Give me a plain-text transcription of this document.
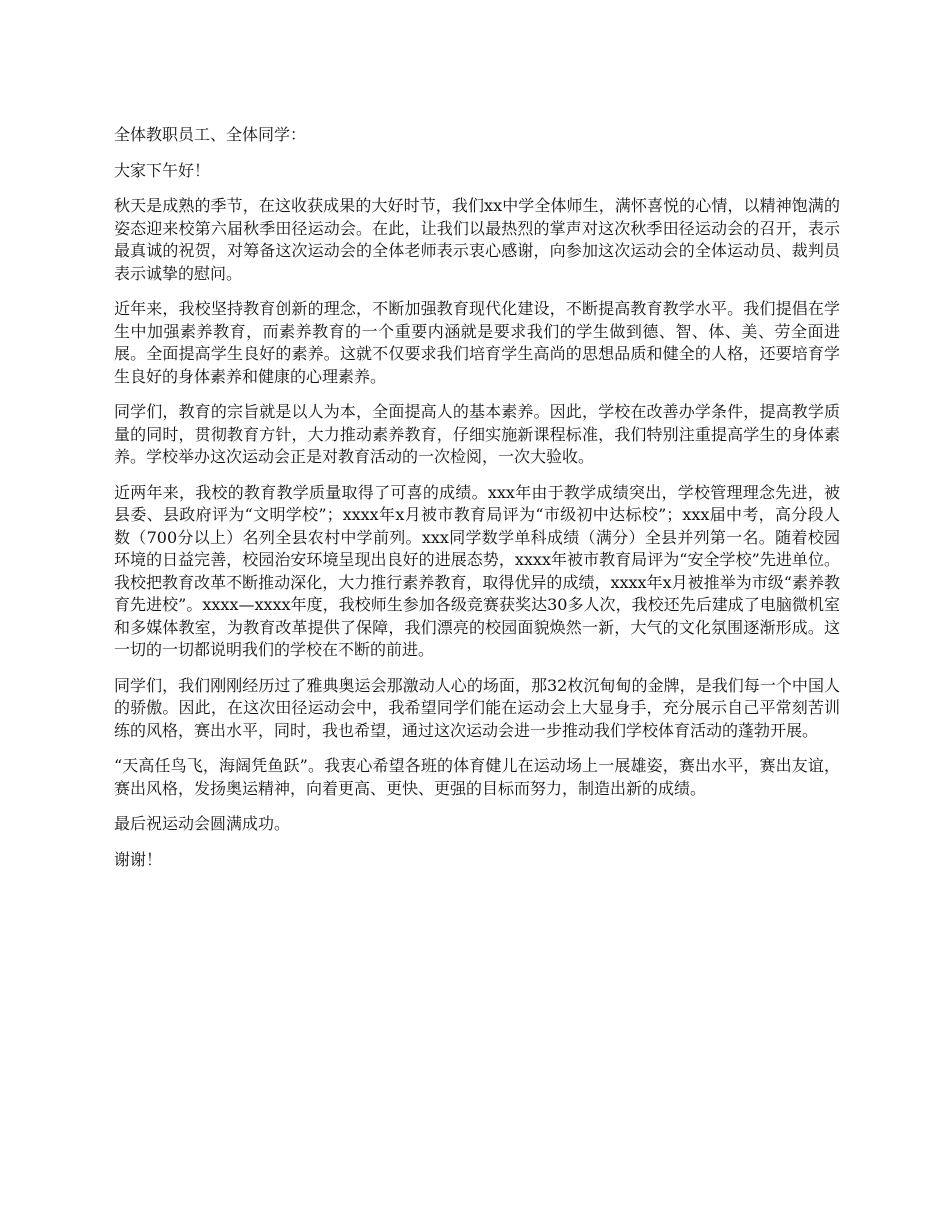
全体教职员工、全体同学：

大家下午好！

秋天是成熟的季节，在这收获成果的大好时节，我们xx中学全体师生，满怀喜悦的心情，以精神饱满的姿态迎来校第六届秋季田径运动会。在此，让我们以最热烈的掌声对这次秋季田径运动会的召开，表示最真诚的祝贺，对筹备这次运动会的全体老师表示衷心感谢，向参加这次运动会的全体运动员、裁判员表示诚挚的慰问。

近年来，我校坚持教育创新的理念，不断加强教育现代化建设，不断提高教育教学水平。我们提倡在学生中加强素养教育，而素养教育的一个重要内涵就是要求我们的学生做到德、智、体、美、劳全面进展。全面提高学生良好的素养。这就不仅要求我们培育学生高尚的思想品质和健全的人格，还要培育学生良好的身体素养和健康的心理素养。

同学们，教育的宗旨就是以人为本，全面提高人的基本素养。因此，学校在改善办学条件，提高教学质量的同时，贯彻教育方针，大力推动素养教育，仔细实施新课程标准，我们特别注重提高学生的身体素养。学校举办这次运动会正是对教育活动的一次检阅，一次大验收。

近两年来，我校的教育教学质量取得了可喜的成绩。xxx年由于教学成绩突出，学校管理理念先进，被县委、县政府评为“文明学校”；xxxx年x月被市教育局评为“市级初中达标校”；xxx届中考，高分段人数（700分以上）名列全县农村中学前列。xxx同学数学单科成绩（满分）全县并列第一名。随着校园环境的日益完善，校园治安环境呈现出良好的进展态势，xxxx年被市教育局评为“安全学校”先进单位。我校把教育改革不断推动深化，大力推行素养教育，取得优异的成绩，xxxx年x月被推举为市级“素养教育先进校”。xxxx—xxxx年度，我校师生参加各级竞赛获奖达30多人次，我校还先后建成了电脑微机室和多媒体教室，为教育改革提供了保障，我们漂亮的校园面貌焕然一新，大气的文化氛围逐渐形成。这一切的一切都说明我们的学校在不断的前进。

同学们，我们刚刚经历过了雅典奥运会那激动人心的场面，那32枚沉甸甸的金牌，是我们每一个中国人的骄傲。因此，在这次田径运动会中，我希望同学们能在运动会上大显身手，充分展示自己平常刻苦训练的风格，赛出水平，同时，我也希望，通过这次运动会进一步推动我们学校体育活动的蓬勃开展。

“天高任鸟飞，海阔凭鱼跃”。我衷心希望各班的体育健儿在运动场上一展雄姿，赛出水平，赛出友谊，赛出风格，发扬奥运精神，向着更高、更快、更强的目标而努力，制造出新的成绩。

最后祝运动会圆满成功。

谢谢！
